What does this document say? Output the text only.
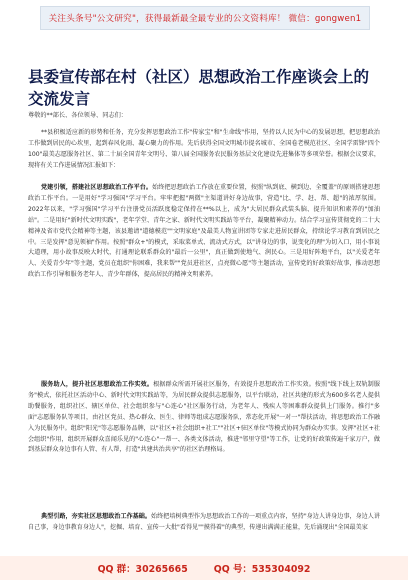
关注头条号"公文研究"，获得最新最全最专业的公文资料库！ 微信：gongwen1
县委宣传部在村（社区）思想政治工作座谈会上的交流发言
尊敬的**部长、各位领导、同志们：

**县积极适应新的形势和任务，充分发挥思想政治工作"传家宝"和"生命线"作用，坚持以人民为中心的发展思想，把思想政治工作做到居民的心坎里，起到春风化雨、凝心聚力的作用。先后获得全国文明城市提名城市、全国卷老模范社区、全国学雷锋"四个100"最美志愿服务社区、第二十届全国青年文明号、第八届全国服务农民服务基层文化建设先进集体等多项荣誉。根据会议要求，现将有关工作进展情况汇报如下：

党建引领，搭建社区思想政治工作平台。始终把思想政治工作放在重要位置，按照"纵到底、横到边、全覆盖"的原则搭建思想政治工作平台。一是用好"学习强国"学习平台。牢牢把握"两微"主渠道讲好身边故事，营造"比、学、赶、帮、超"的浓厚氛围。2022年以来，"学习强国"学习平台注册党员活跃度稳定保持在**%以上，成为"大居民群众武装头脑、提升知识和素养的"加油站"。二是用好"新时代文明实践"，老年学堂、青年之家、新时代文明实践站等平台，凝聚精神动力。结合学习宣传贯彻党的二十大精神及省市党代会精神等主题，该县邀请"道德模范""文明家庭"及最美人物宣讲团等专家走进居民群众，持续论学习教育到居民之中。三是发挥"意见领袖"作用。按照"群众+"的模式，采取菜单式、流动式方式，以"讲身边的事，说变化的理"为切入口，用小事说大道理，用小故事反映大时代，打通理论联系群众的"最后一公里"，真正做到使地气、润民心。三是用好阵地平台，以"关爱老年人、关爱青少年"等主题，党员在组织"你困难，我来帮""党员进社区，点亮微心愿"等主题活动，宣传党的好政策好故事，推动思想政治工作引导和服务老年人、青少年群体，提高居民的精神文明素养。

服务助人，提升社区思想政治工作实效。根据群众所需开展社区服务，有效提升思想政治工作实效。按照"线下线上双轨制服务"模式，依托社区活动中心、新时代文明实践站等，为居民群众提供志愿服务，以平台联动，社区共建的形式为600多名老人提供助餐服务，组织社区、辖区单位、社会组织参与"心连心"社区服务行动，为老年人、残疾人等困难群众提供上门服务。推行"多面"志愿服务队等项目，由社区党员、热心群众、医生、律师等组成志愿服务队，常态化开展"一对一"帮扶活动，将思想政治工作融入为民服务中。组织"阳光"等志愿服务品牌，以"社区+社会组织+社工""社区+驻区单位"等模式协同为群众办实事。发挥"社区+社会组织"作用，组织开展群众喜闻乐见的"心连心"一帮一、各类文体活动，推进"邻里守望"等工作，让党的好政策传遍千家万户，做到基层群众身边事有人管、有人帮，打造"共建共治共享"的社区治理格局。

典型引路，夯实社区思想政治工作基础。始终把培树典型作为思想政治工作的一项重点内容，坚持"身边人讲身边事，身边人讲自己事，身边事教育身边人"，挖掘、培育、宣传一大批"看得见""摸得着"的典型，传递出满满正能量，先后涌现出"全国最美家

QQ 群：30265665	QQ 号：535304092
